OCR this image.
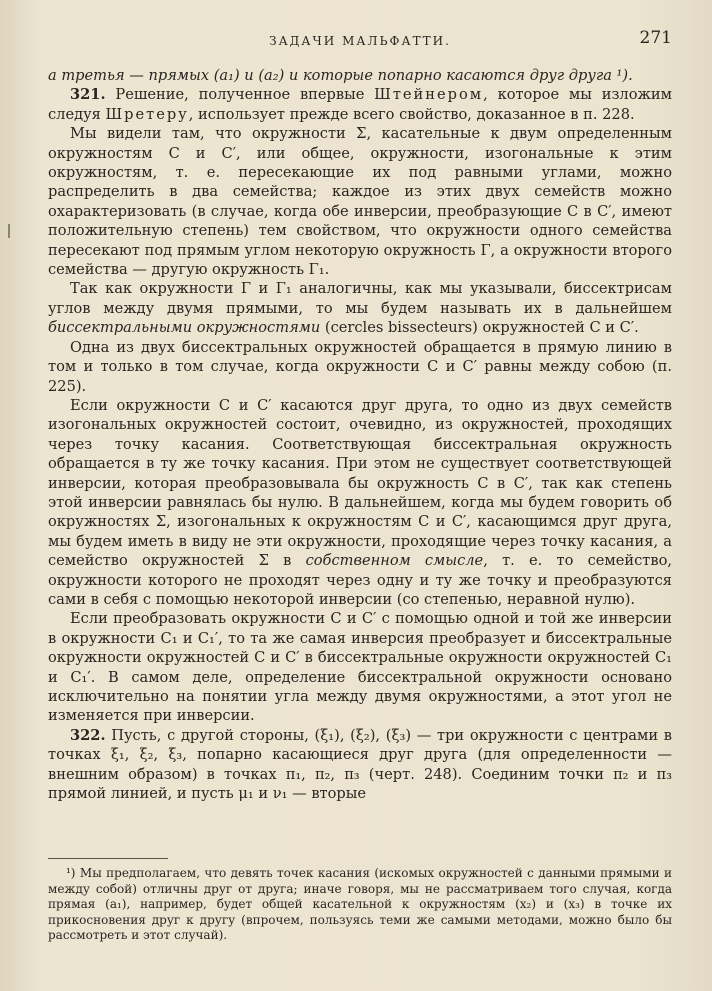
ЗАДАЧИ МАЛЬФАТТИ.	271

а третья — прямых (a₁) и (a₂) и которые попарно касаются друг друга ¹).

321. Решение, полученное впервые Штейнером, которое мы изложим следуя Шретеру, использует прежде всего свойство, доказанное в п. 228.

Мы видели там, что окружности Σ, касательные к двум определенным окружностям C и C′, или общее, окружности, изогональные к этим окружностям, т. е. пересекающие их под равными углами, можно распределить в два семейства; каждое из этих двух семейств можно охарактеризовать (в случае, когда обе инверсии, преобразующие C в C′, имеют положительную степень) тем свойством, что окружности одного семейства пересекают под прямым углом некоторую окружность Γ, а окружности второго семейства — другую окружность Γ₁.

Так как окружности Γ и Γ₁ аналогичны, как мы указывали, биссектрисам углов между двумя прямыми, то мы будем называть их в дальнейшем биссектральными окружностями (cercles bissecteurs) окружностей C и C′.

Одна из двух биссектральных окружностей обращается в прямую линию в том и только в том случае, когда окружности C и C′ равны между собою (п. 225).

Если окружности C и C′ касаются друг друга, то одно из двух семейств изогональных окружностей состоит, очевидно, из окружностей, проходящих через точку касания. Соответствующая биссектральная окружность обращается в ту же точку касания. При этом не существует соответствующей инверсии, которая преобразовывала бы окружность C в C′, так как степень этой инверсии равнялась бы нулю. В дальнейшем, когда мы будем говорить об окружностях Σ, изогональных к окружностям C и C′, касающимся друг друга, мы будем иметь в виду не эти окружности, проходящие через точку касания, а семейство окружностей Σ в собственном смысле, т. е. то семейство, окружности которого не проходят через одну и ту же точку и преобразуются сами в себя с помощью некоторой инверсии (со степенью, неравной нулю).

Если преобразовать окружности C и C′ с помощью одной и той же инверсии в окружности C₁ и C₁′, то та же самая инверсия преобразует и биссектральные окружности окружностей C и C′ в биссектральные окружности окружностей C₁ и C₁′. В самом деле, определение биссектральной окружности основано исключительно на понятии угла между двумя окружностями, а этот угол не изменяется при инверсии.

322. Пусть, с другой стороны, (ξ₁), (ξ₂), (ξ₃) — три окружности с центрами в точках ξ₁, ξ₂, ξ₃, попарно касающиеся друг друга (для определенности — внешним образом) в точках π₁, π₂, π₃ (черт. 248). Соединим точки π₂ и π₃ прямой линией, и пусть μ₁ и ν₁ — вторые

¹) Мы предполагаем, что девять точек касания (искомых окружностей с данными прямыми и между собой) отличны друг от друга; иначе говоря, мы не рассматриваем того случая, когда прямая (a₁), например, будет общей касательной к окружностям (x₂) и (x₃) в точке их прикосновения друг к другу (впрочем, пользуясь теми же самыми методами, можно было бы рассмотреть и этот случай).
